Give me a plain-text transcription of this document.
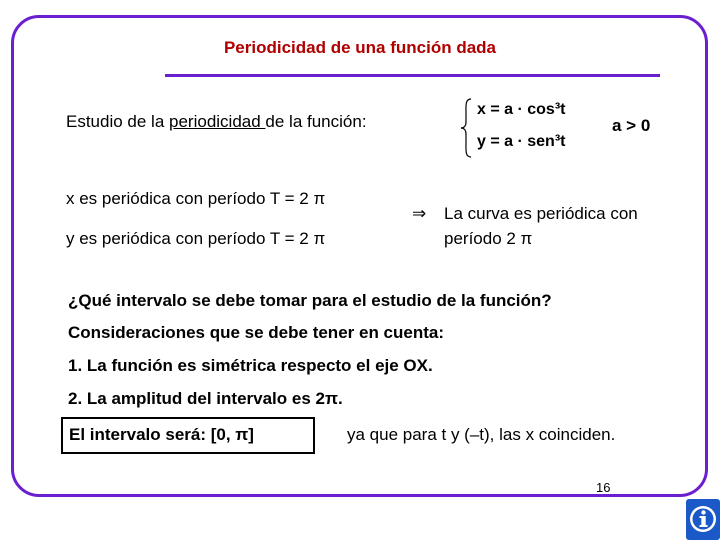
Periodicidad de una función dada
Estudio de la periodicidad de la función:
x = a · cos³t
y = a · sen³t
a > 0
x es periódica con período T = 2 π
y es periódica con período T = 2 π
⇒ La curva es periódica con
período 2 π
¿Qué intervalo se debe tomar para el estudio de la función?
Consideraciones que se debe tener en cuenta:
1. La función es simétrica respecto el eje OX.
2. La amplitud del intervalo es 2π.
El intervalo será: [0, π]	ya que para t y (–t), las x coinciden.
16
